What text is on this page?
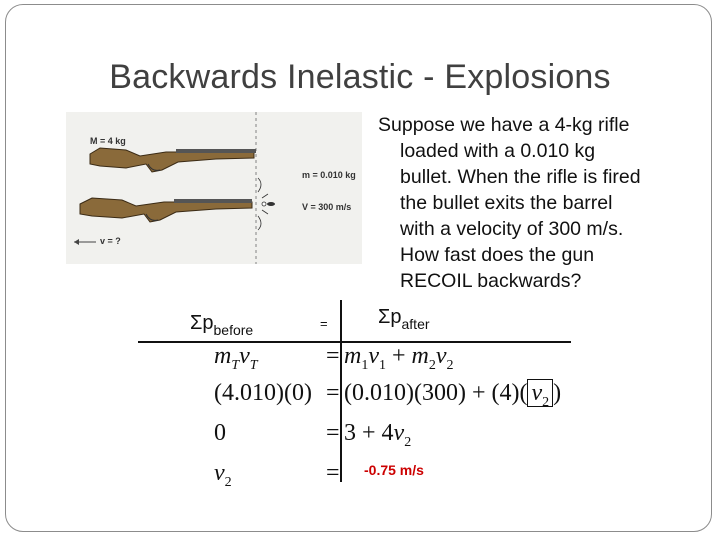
Backwards Inelastic - Explosions
M = 4 kg
m = 0.010 kg
V = 300 m/s
v = ?
Suppose we have a 4-kg rifle
loaded with a 0.010 kg
bullet. When the rifle is fired
the bullet exits the barrel
with a velocity of 300 m/s.
How fast does the gun
RECOIL backwards?
$\Sigma p_{before}$	=	$\Sigma p_{after}$
$m_Tv_T$	= $m_1v_1 + m_2v_2$
(4.010)(0) = (0.010)(300) + (4)( $v_2$ )
0	= $3 + 4v_2$
$v_2$	= -0.75 m/s
